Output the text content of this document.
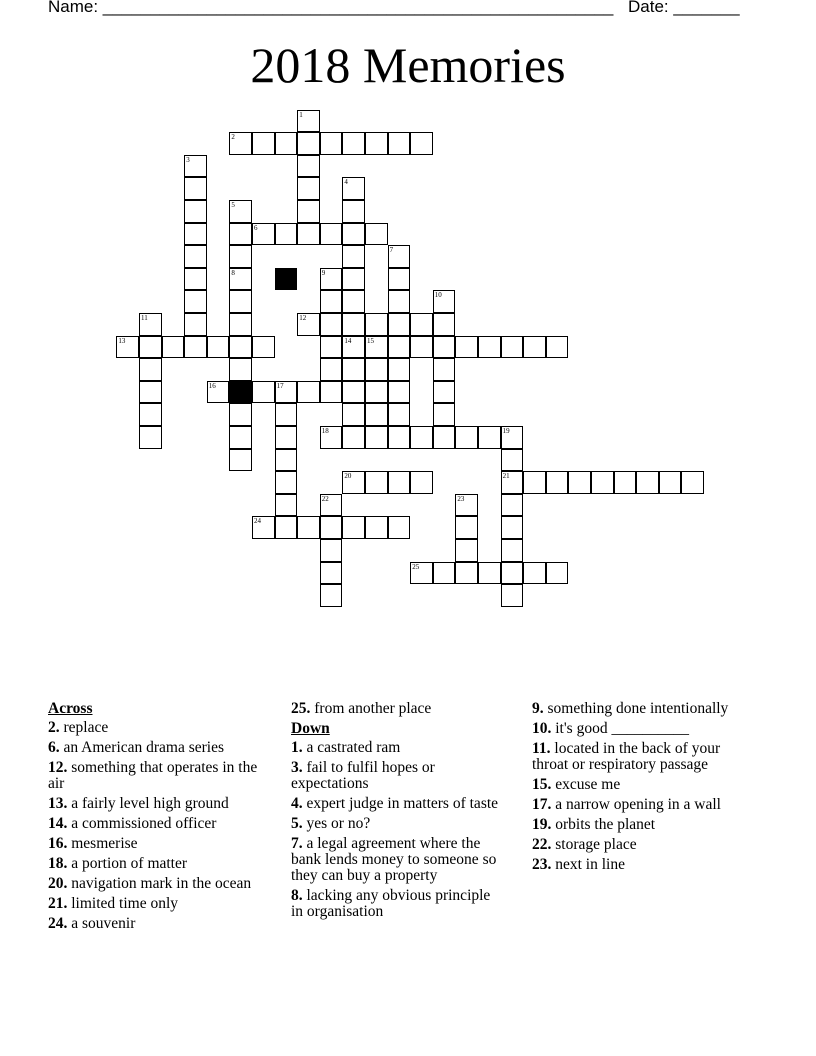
Name: ______________________________________________________ Date: _______
2018 Memories
1
2
3
4
5
6
7
8	9
10
11	12
13	14 15
16	17
18	19
20	21
22	23
24
25
Across
2. replace
6. an American drama series
12. something that operates in the air
13. a fairly level high ground
14. a commissioned officer
16. mesmerise
18. a portion of matter
20. navigation mark in the ocean
21. limited time only
24. a souvenir
25. from another place
Down
1. a castrated ram
3. fail to fulfil hopes or expectations
4. expert judge in matters of taste
5. yes or no?
7. a legal agreement where the bank lends money to someone so they can buy a property
8. lacking any obvious principle in organisation
9. something done intentionally
10. it's good __________
11. located in the back of your throat or respiratory passage
15. excuse me
17. a narrow opening in a wall
19. orbits the planet
22. storage place
23. next in line
